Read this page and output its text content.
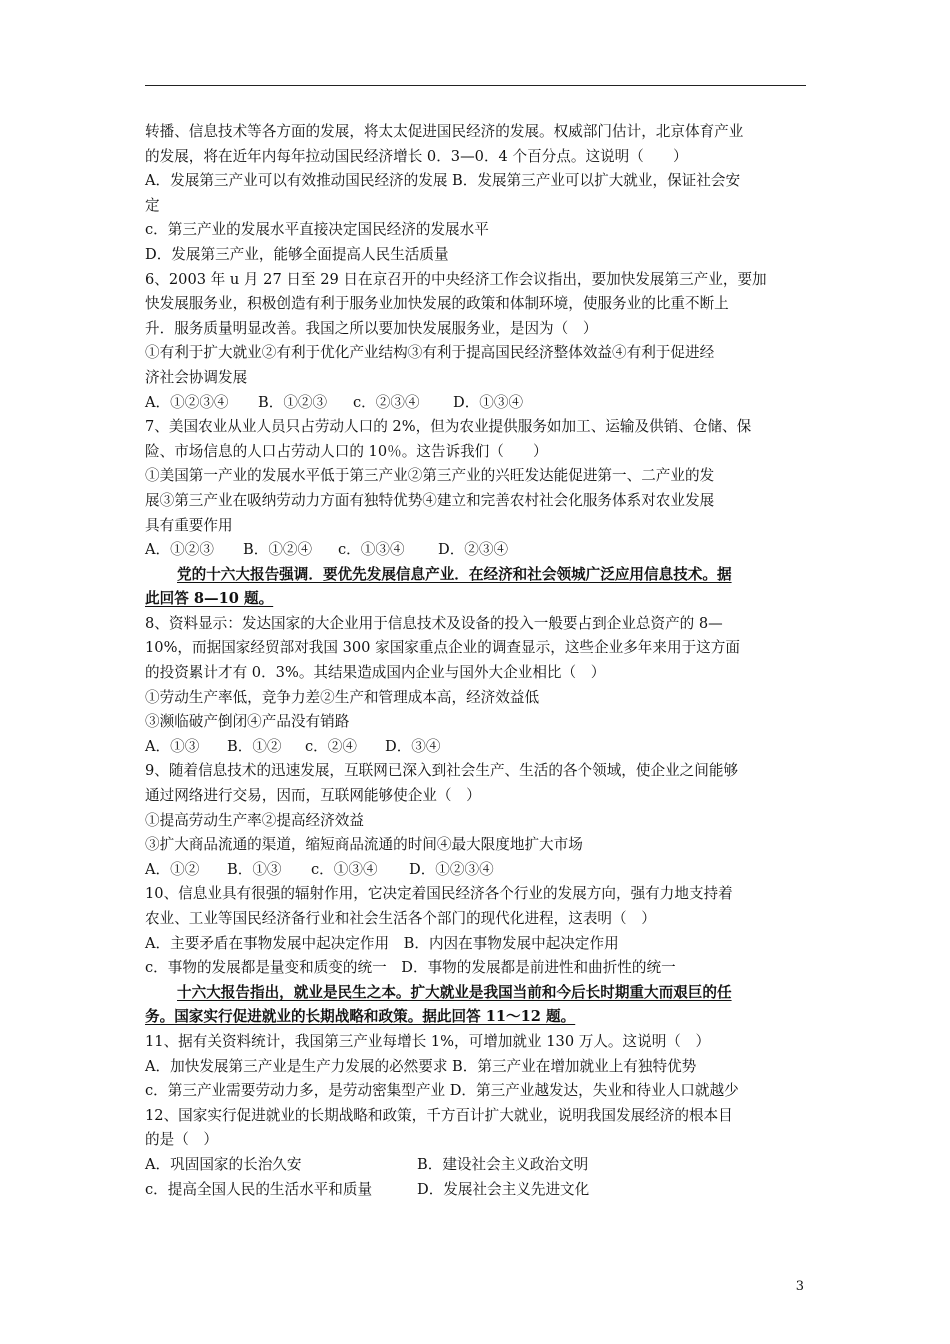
转播、信息技术等各方面的发展，将太太促进国民经济的发展。权威部门估计，北京体育产业

的发展，将在近年内每年拉动国民经济增长 0．3—0．4 个百分点。这说明（　　）

A．发展第三产业可以有效推动国民经济的发展 B．发展第三产业可以扩大就业，保证社会安

定

c．第三产业的发展水平直接决定国民经济的发展水平

D．发展第三产业，能够全面提高人民生活质量

6、2003 年 u 月 27 日至 29 日在京召开的中央经济工作会议指出，要加快发展第三产业，要加

快发展服务业，积极创造有利于服务业加快发展的政策和体制环境，使服务业的比重不断上

升．服务质量明显改善。我国之所以要加快发展服务业，是因为（　）

①有利于扩大就业②有利于优化产业结构③有利于提高国民经济整体效益④有利于促进经

济社会协调发展

A．①②③④ B．①②③ c．②③④ D．①③④

7、美国农业从业人员只占劳动人口的 2%，但为农业提供服务如加工、运输及供销、仓储、保

险、市场信息的人口占劳动人口的 10％。这告诉我们（　　）

①美国第一产业的发展水平低于第三产业②第三产业的兴旺发达能促进第一、二产业的发

展③第三产业在吸纳劳动力方面有独特优势④建立和完善农村社会化服务体系对农业发展

具有重要作用

A．①②③ B．①②④ c．①③④ D．②③④

党的十六大报告强调．要优先发展信息产业．在经济和社会领城广泛应用信息技术。据

此回答 8—10 题。

8、资料显示：发达国家的大企业用于信息技术及设备的投入一般要占到企业总资产的 8—

10%，而据国家经贸部对我国 300 家国家重点企业的调查显示，这些企业多年来用于这方面

的投资累计才有 0．3%。其结果造成国内企业与国外大企业相比（　）

①劳动生产率低，竞争力差②生产和管理成本高，经济效益低

③濒临破产倒闭④产品没有销路

A．①③ B．①② c．②④ D．③④

9、随着信息技术的迅速发展，互联网已深入到社会生产、生活的各个领域，使企业之间能够

通过网络进行交易，因而，互联网能够使企业（　）

①提高劳动生产率②提高经济效益

③扩大商品流通的渠道，缩短商品流通的时间④最大限度地扩大市场

A．①② B．①③ c．①③④ D．①②③④

10、信息业具有很强的辐射作用，它决定着国民经济各个行业的发展方向，强有力地支持着

农业、工业等国民经济备行业和社会生活各个部门的现代化进程，这表明（　）

A．主要矛盾在事物发展中起决定作用　B．内因在事物发展中起决定作用

c．事物的发展都是量变和质变的统一　D．事物的发展都是前进性和曲折性的统一

十六大报告指出，就业是民生之本。扩大就业是我国当前和今后长时期重大而艰巨的任

务。国家实行促进就业的长期战略和政策。据此回答 11～12 题。

11、据有关资料统计，我国第三产业每增长 1%，可增加就业 130 万人。这说明（　）

A．加快发展第三产业是生产力发展的必然要求 B．第三产业在增加就业上有独特优势

c．第三产业需要劳动力多，是劳动密集型产业 D．第三产业越发达，失业和待业人口就越少

12、国家实行促进就业的长期战略和政策，千方百计扩大就业，说明我国发展经济的根本目

的是（　）

A．巩固国家的长治久安	B．建设社会主义政治文明

c．提高全国人民的生活水平和质量	D．发展社会主义先进文化

3
